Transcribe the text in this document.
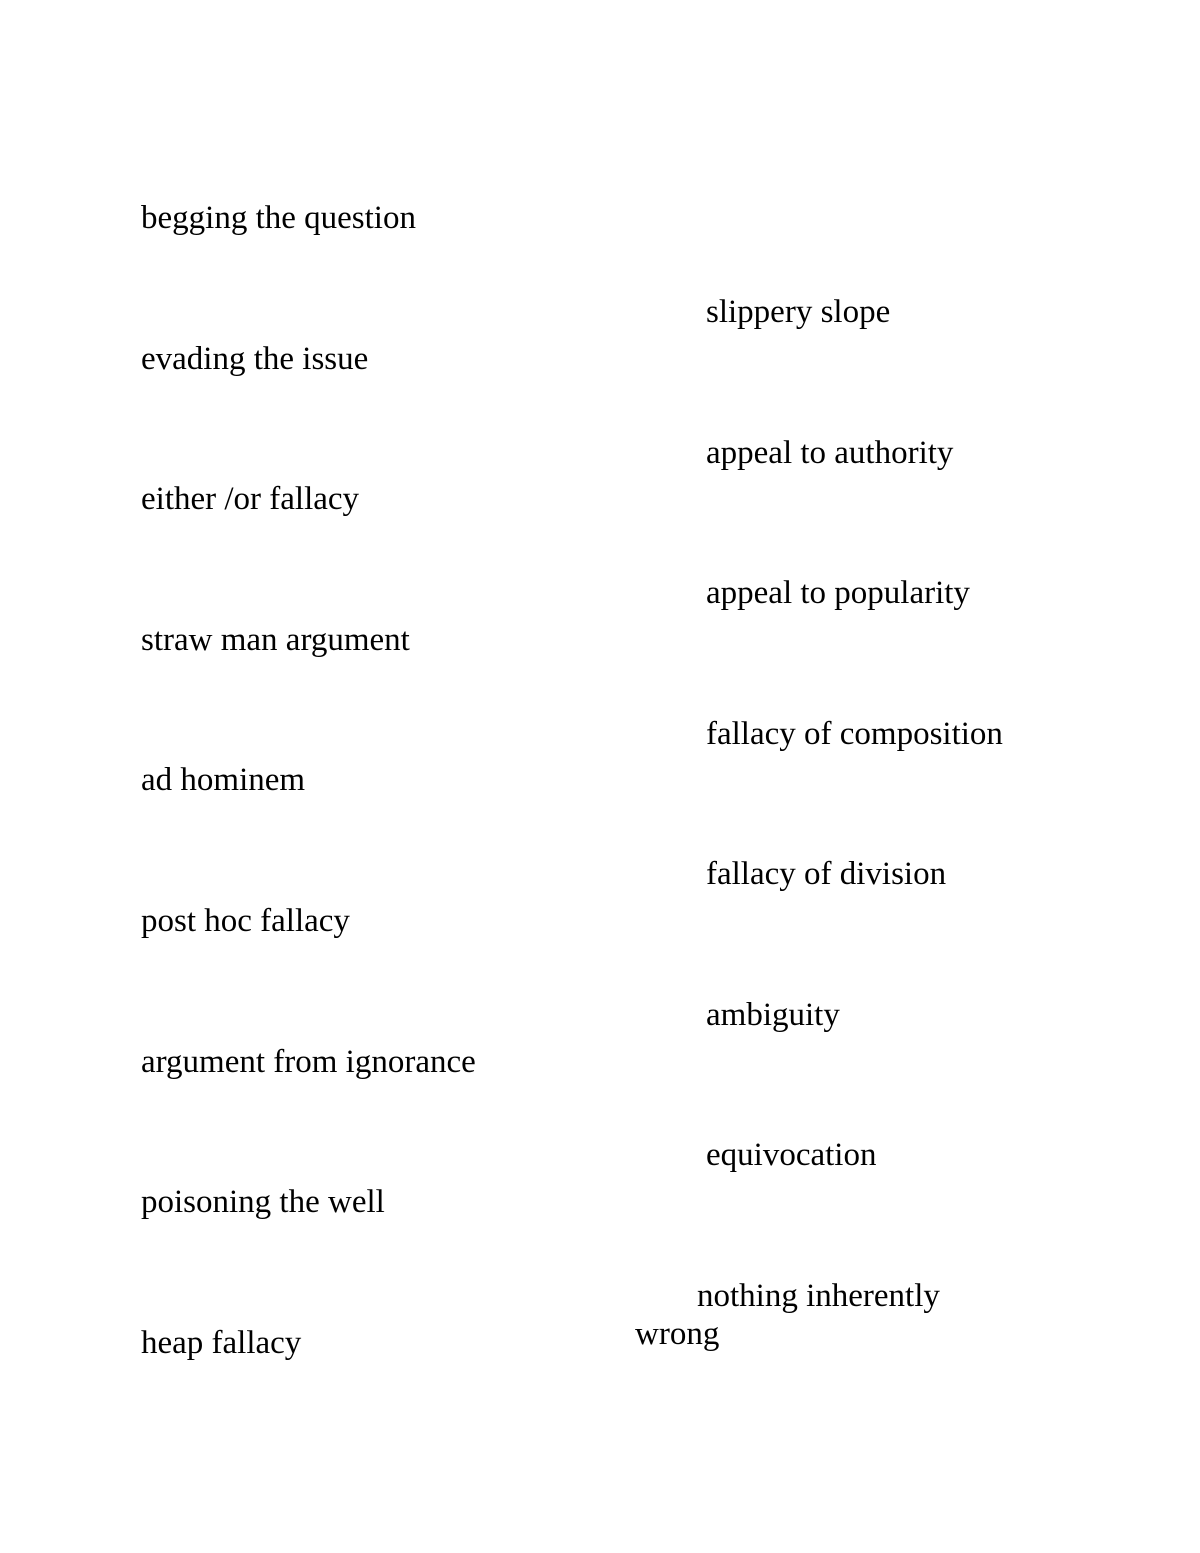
begging the question

evading the issue

either /or fallacy

straw man argument

ad hominem

post hoc fallacy

argument from ignorance

poisoning the well

heap fallacy

slippery slope

appeal to authority

appeal to popularity

fallacy of composition

fallacy of division

ambiguity

equivocation

nothing inherently
wrong
